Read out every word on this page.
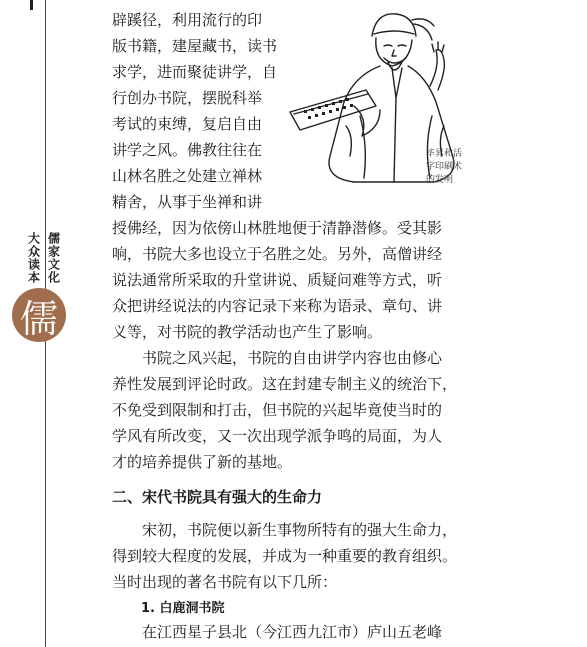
儒家文化
大众读本
儒
毕昇和活
字印刷术
的发明

辟蹊径，利用流行的印

版书籍，建屋藏书，读书

求学，进而聚徒讲学，自

行创办书院，摆脱科举

考试的束缚，复启自由

讲学之风。佛教往往在

山林名胜之处建立禅林

精舍，从事于坐禅和讲

授佛经，因为依傍山林胜地便于清静潜修。受其影

响，书院大多也设立于名胜之处。另外，高僧讲经

说法通常所采取的升堂讲说、质疑问难等方式，听

众把讲经说法的内容记录下来称为语录、章句、讲

义等，对书院的教学活动也产生了影响。

书院之风兴起，书院的自由讲学内容也由修心

养性发展到评论时政。这在封建专制主义的统治下，

不免受到限制和打击，但书院的兴起毕竟使当时的

学风有所改变，又一次出现学派争鸣的局面，为人

才的培养提供了新的基地。

二、宋代书院具有强大的生命力

宋初，书院便以新生事物所特有的强大生命力，

得到较大程度的发展，并成为一种重要的教育组织。

当时出现的著名书院有以下几所：

1. 白鹿洞书院

在江西星子县北（今江西九江市）庐山五老峰
